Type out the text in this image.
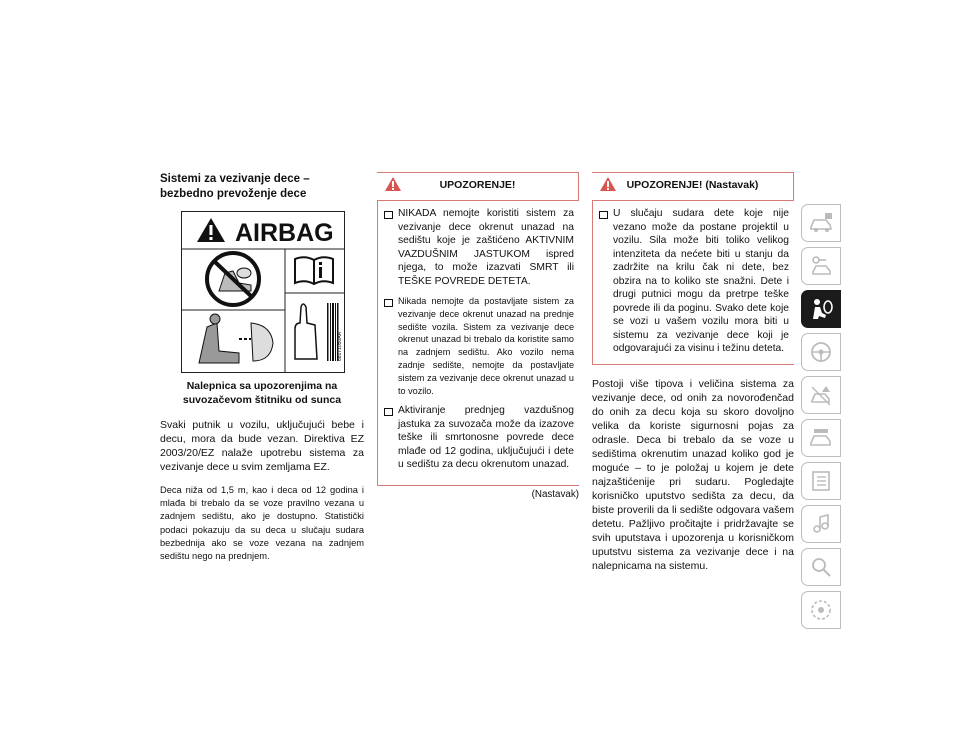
Sistemi za vezivanje dece – bezbedno prevoženje dece
AIRBAG
68171050AA
Nalepnica sa upozorenjima na suvozačevom štitniku od sunca
Svaki putnik u vozilu, uključujući bebe i decu, mora da bude vezan. Direktiva EZ 2003/20/EZ nalaže upotrebu sistema za vezivanje dece u svim zemljama EZ.
Deca niža od 1,5 m, kao i deca od 12 godina i mlađa bi trebalo da se voze pravilno vezana u zadnjem sedištu, ako je dostupno. Statistički podaci pokazuju da su deca u slučaju sudara bezbednija ako se voze vezana na zadnjem sedištu nego na prednjem.
UPOZORENJE!
NIKADA nemojte koristiti sistem za vezivanje dece okrenut unazad na sedištu koje je zaštićeno AKTIVNIM VAZDUŠNIM JASTUKOM ispred njega, to može izazvati SMRT ili TEŠKE POVREDE DETETA.
Nikada nemojte da postavljate sistem za vezivanje dece okrenut unazad na prednje sedište vozila. Sistem za vezivanje dece okrenut unazad bi trebalo da koristite samo na zadnjem sedištu. Ako vozilo nema zadnje sedište, nemojte da postavljate sistem za vezivanje dece okrenut unazad u to vozilo.
Aktiviranje prednjeg vazdušnog jastuka za suvozača može da izazove teške ili smrtonosne povrede dece mlađe od 12 godina, uključujući i dete u sedištu za decu okrenutom unazad.
(Nastavak)
UPOZORENJE! (Nastavak)
U slučaju sudara dete koje nije vezano može da postane projektil u vozilu. Sila može biti toliko velikog intenziteta da nećete biti u stanju da zadržite na krilu čak ni dete, bez obzira na to koliko ste snažni. Dete i drugi putnici mogu da pretrpe teške povrede ili da poginu. Svako dete koje se vozi u vašem vozilu mora biti u sistemu za vezivanje dece koji je odgovarajući za visinu i težinu deteta.
Postoji više tipova i veličina sistema za vezivanje dece, od onih za novorođenčad do onih za decu koja su skoro dovoljno velika da koriste sigurnosni pojas za odrasle. Deca bi trebalo da se voze u sedištima okrenutim unazad koliko god je moguće – to je položaj u kojem je dete najzaštićenije pri sudaru. Pogledajte korisničko uputstvo sedišta za decu, da biste proverili da li sedište odgovara vašem detetu. Pažljivo pročitajte i pridržavajte se svih uputstava i upozorenja u korisničkom uputstvu sistema za vezivanje dece i na nalepnicama na sistemu.
